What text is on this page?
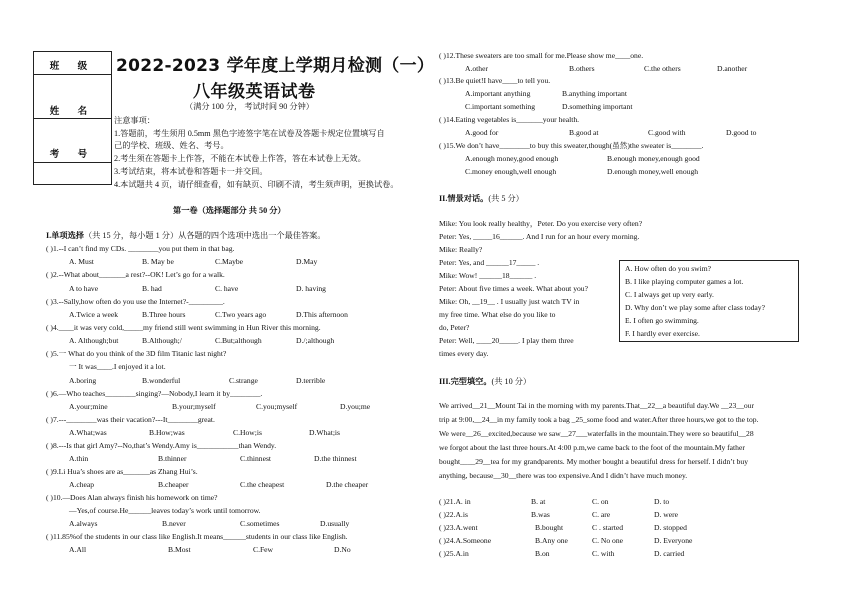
班 级
姓 名
考 号
2022-2023 学年度上学期月检测（一）
八年级英语试卷
（满分 100 分， 考试时间 90 分钟）
注意事项：
1.答题前，考生须用 0.5mm 黑色字迹签字笔在试卷及答题卡规定位置填写自
己的学校、班级、姓名、考号。
2.考生须在答题卡上作答，不能在本试卷上作答，答在本试卷上无效。
3.考试结束，将本试卷和答题卡一并交回。
4.本试题共 4 页，请仔细查看，如有缺页、印刷不清，考生须声明，更换试卷。
第一卷（选择题部分 共 50 分）
I.单项选择（共 15 分，每小题 1 分）从各题的四个选项中选出一个最佳答案。
( )1.--I can’t find my CDs. ________you put them in that bag.
A. Must	B. May be	C.Maybe	D.May
( )2.--What about_______a rest?--OK! Let’s go for a walk.
A to have	B. had	C. have	D. having
( )3.--Sally,how often do you use the Internet?-_________.
A.Twice a week	B.Three hours	C.Two years ago	D.This afternoon
( )4.____it was very cold,_____my friend still went swimming in Hun River this morning.
A. Although;but	B.Although;/	C.But;although	D./;although
( )5.一 What do you think of the 3D film Titanic last night?
一 It was____.I enjoyed it a lot.
A.boring	B.wonderful	C.strange	D.terrible
( )6.—Who teaches________singing?—Nobody,I learn it by________.
A.your;mine	B.your;myself	C.you;myself	D.you;me
( )7.---________was their vacation?---It________great.
A.What;was	B.How;was	C.How;is	D.What;is
( )8.---Is that girl Amy?--No,that’s Wendy.Amy is___________than Wendy.
A.thin	B.thinner	C.thinnest	D.the thinnest
( )9.Li Hua’s shoes are as_______as Zhang Hui’s.
A.cheap	B.cheaper	C.the cheapest	D.the cheaper
( )10.—Does Alan always finish his homework on time?
—Yes,of course.He______leaves today’s work until tomorrow.
A.always	B.never	C.sometimes	D.usually
( )11.85%of the students in our class like English.It means______students in our class like English.
A.All	B.Most	C.Few	D.No
( )12.These sweaters are too small for me.Please show me____one.
A.other	B.others	C.the others	D.another
( )13.Be quiet!I have____to tell you.
A.important anything	B.anything important
C.important something	D.something important
( )14.Eating vegetables is_______your health.
A.good for	B.good at	C.good with	D.good to
( )15.We don’t have________to buy this sweater,though(虽然)the sweater is________.
A.enough money,good enough	B.enough money,enough good
C.money enough,well enough	D.enough money,well enough
II.情景对话。(共 5 分）
Mike: You look really healthy，Peter. Do you exercise very often?
Peter: Yes, _____16______. And I run for an hour every morning.
Mike: Really?
Peter: Yes, and ______17_____ .
Mike: Wow! ______18______ .
Peter: About five times a week. What about you?
Mike: Oh, __19__ . I usually just watch TV in
my free time. What else do you like to
do, Peter?
Peter: Well, ____20_____. I play them three
times every day.
A. How often do you swim?
B. I like playing computer games a lot.
C. I always get up very early.
D. Why don’t we play some after class today?
E. I often go swimming.
F. I hardly ever exercise.
III.完型填空。(共 10 分）
We arrived__21__Mount Tai in the morning with my parents.That__22__a beautiful day.We __23__our
trip at 9:00,__24__in my family took a bag _25_some food and water.After three hours,we got to the top.
We were__26__excited,because we saw__27___waterfalls in the mountain.They were so beautiful__28
we forgot about the last three hours.At 4:00 p.m,we came back to the foot of the mountain.My father
bought____29__tea for my grandparents. My mother bought a beautiful dress for herself. I didn’t buy
anything, because__30__there was too expensive.And I didn’t have much money.
( )21.A. in	B. at	C. on	D. to
( )22.A.is	B.was	C. are	D. were
( )23.A.went	B.bought	C . started	D. stopped
( )24.A.Someone	B.Any one	C. No one	D. Everyone
( )25.A.in	B.on	C. with	D. carried
